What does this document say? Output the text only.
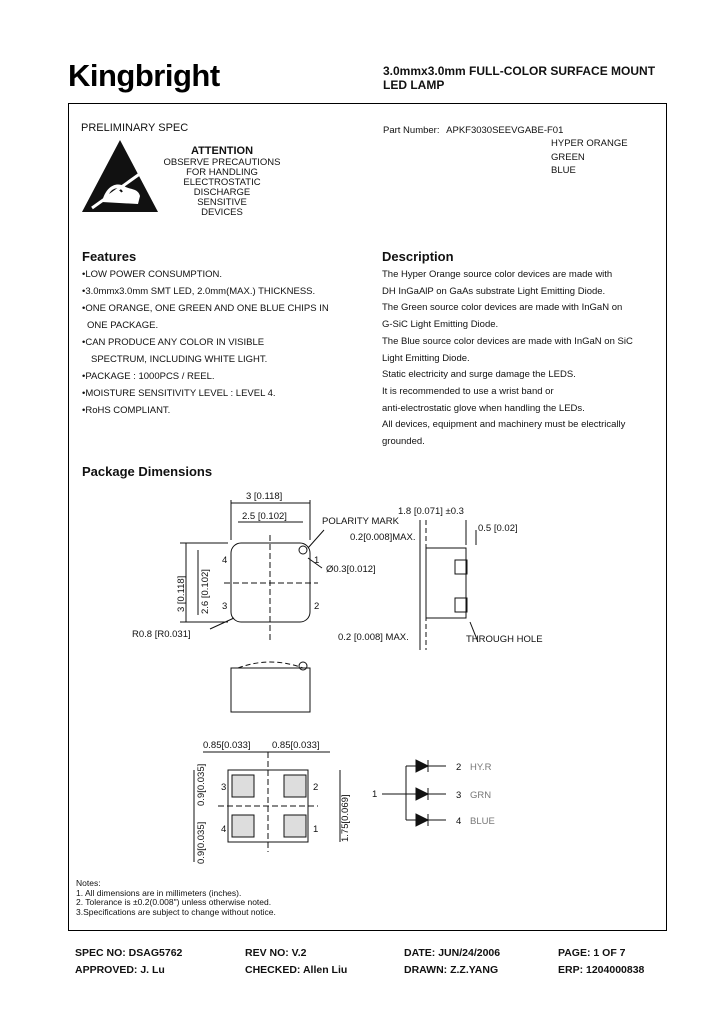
Kingbright	3.0mmx3.0mm FULL-COLOR SURFACE MOUNT
LED LAMP
PRELIMINARY SPEC
ATTENTION
OBSERVE PRECAUTIONS
FOR HANDLING
ELECTROSTATIC
DISCHARGE
SENSITIVE
DEVICES
Part Number: APKF3030SEEVGABE-F01
HYPER ORANGE
GREEN
BLUE
Features
•LOW POWER CONSUMPTION.
•3.0mmx3.0mm SMT LED, 2.0mm(MAX.) THICKNESS.
•ONE ORANGE, ONE GREEN AND ONE BLUE CHIPS IN
ONE PACKAGE.
•CAN PRODUCE ANY COLOR IN VISIBLE
SPECTRUM, INCLUDING WHITE LIGHT.
•PACKAGE : 1000PCS / REEL.
•MOISTURE SENSITIVITY LEVEL : LEVEL 4.
•RoHS COMPLIANT.
Description
The Hyper Orange source color devices are made with
DH InGaAlP on GaAs substrate Light Emitting Diode.
The Green source color devices are made with InGaN on
G-SiC Light Emitting Diode.
The Blue source color devices are made with InGaN on SiC
Light Emitting Diode.
Static electricity and surge damage the LEDS.
It is recommended to use a wrist band or
anti-electrostatic glove when handling the LEDs.
All devices, equipment and machinery must be electrically
grounded.
Package Dimensions
3 [0.118]
2.5 [0.102]	POLARITY MARK
Ø0.3[0.012]
3 [0.118] 2.6 [0.102]
R0.8 [R0.031]
4
3
1
2
1.8 [0.071] ±0.3
0.5 [0.02]
0.2[0.008]MAX.
0.2 [0.008] MAX.	THROUGH HOLE
0.85[0.033] 0.85[0.033]
0.9[0.035]
0.9[0.035]
1.75[0.069]
3
4
2
1
1
2
3
4
HY.R
GRN
BLUE
Notes:
1. All dimensions are in millimeters (inches).
2. Tolerance is ±0.2(0.008") unless otherwise noted.
3.Specifications are subject to change without notice.
SPEC NO: DSAG5762	REV NO: V.2	DATE: JUN/24/2006	PAGE: 1 OF 7
APPROVED: J. Lu	CHECKED: Allen Liu	DRAWN: Z.Z.YANG	ERP: 1204000838
